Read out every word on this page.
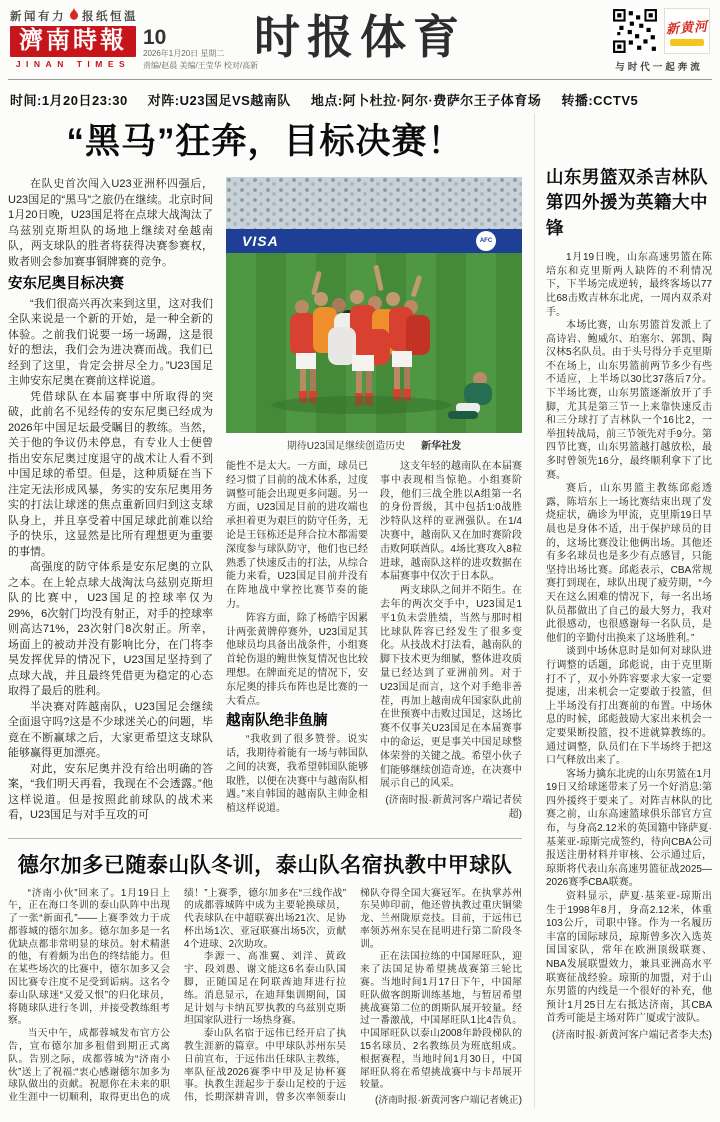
新闻有力 报纸恒温
濟南時報
JINAN TIMES
10
2026年1月20日 星期二
责编/赵晨 美编/王莹华 校对/高新
时报体育	新黄河
与时代一起奔流
时间:1月20日23:30 对阵:U23国足VS越南队 地点:阿卜杜拉·阿尔·费萨尔王子体育场 转播:CCTV5
“黑马”狂奔，目标决赛！

在队史首次闯入U23亚洲杯四强后，U23国足的“黑马”之旅仍在继续。北京时间1月20日晚，U23国足将在点球大战淘汰了乌兹别克斯坦队的场地上继续对垒越南队，两支球队的胜者将获得决赛参赛权，败者则会参加赛事铜牌赛的竞争。

安东尼奥目标决赛

“我们很高兴再次来到这里，这对我们全队来说是一个新的开始，是一种全新的体验。之前我们说要一场一场踢，这是很好的想法，我们会为进决赛而战。我们已经到了这里，肯定会拼尽全力。”U23国足主帅安东尼奥在赛前这样说道。

凭借球队在本届赛事中所取得的突破，此前名不见经传的安东尼奥已经成为2026年中国足坛最受瞩目的教练。当然，关于他的争议仍未停息，有专业人士便曾指出安东尼奥过度退守的战术让人看不到中国足球的希望。但是，这种质疑在当下注定无法形成风暴，务实的安东尼奥用务实的打法让球迷的焦点重新回归到这支球队身上，并且享受着中国足球此前难以给予的快乐，这显然是比所有理想更为重要的事情。

高强度的防守体系是安东尼奥的立队之本。在上轮点球大战淘汰乌兹别克斯坦队的比赛中，U23国足的控球率仅为29%，6次射门均没有射正，对手的控球率则高达71%，23次射门8次射正。所幸，场面上的被动并没有影响比分，在门将李昊发挥优异的情况下，U23国足坚持到了点球大战，并且最终凭借更为稳定的心态取得了最后的胜利。

半决赛对阵越南队，U23国足会继续全面退守吗?这是不少球迷关心的问题，毕竟在不断赢球之后，大家更希望这支球队能够赢得更加漂亮。

对此，安东尼奥并没有给出明确的答案，“我们明天再看，我现在不会透露。”他这样说道。但是按照此前球队的战术来看，U23国足与对手互攻的可

VISA	AFC
期待U23国足继续创造历史 新华社发

能性不是太大。一方面，球员已经习惯了目前的战术体系，过度调整可能会出现更多问题。另一方面，U23国足目前的进攻端也承担着更为艰巨的防守任务，无论是王钰栋还是拜合拉木都需要深度参与球队防守，他们也已经熟悉了快速反击的打法，从综合能力来看，U23国足目前并没有在阵地战中掌控比赛节奏的能力。

阵容方面，除了杨皓宇因累计两张黄牌停赛外，U23国足其他球员均具备出战条件，小组赛首轮伤退的鲍世恢复情况也比较理想。在牌面充足的情况下，安东尼奥的排兵布阵也是比赛的一大看点。

越南队绝非鱼腩

“我收到了很多赞誉。说实话，我期待着能有一场与韩国队之间的决赛，我希望韩国队能够取胜，以便在决赛中与越南队相遇。”来自韩国的越南队主帅金相植这样说道。

这支年轻的越南队在本届赛事中表现相当惊艳。小组赛阶段，他们三战全胜以A组第一名的身份晋级，其中包括1:0战胜沙特队这样的亚洲强队。在1/4决赛中，越南队又在加时赛阶段击败阿联酋队。4场比赛攻入8粒进球，越南队这样的进攻数据在本届赛事中仅次于日本队。

两支球队之间并不陌生。在去年的两次交手中，U23国足1平1负未尝胜绩，当然与那时相比球队阵容已经发生了很多变化。从技战术打法看，越南队的脚下技术更为细腻，整体进攻质量已经达到了亚洲前列。对于U23国足而言，这个对手绝非善茬，再加上越南成年国家队此前在世预赛中击败过国足，这场比赛不仅事关U23国足在本届赛事中的命运，更是事关中国足球整体荣誉的关键之战。希望小伙子们能够继续创造奇迹，在决赛中展示自己的风采。

(济南时报·新黄河客户端记者侯超)

德尔加多已随泰山队冬训，泰山队名宿执教中甲球队

“济南小伙”回来了。1月19日上午，正在海口冬训的泰山队阵中出现了一张“新面孔”——上赛季效力于成都蓉城的德尔加多。德尔加多是一名优缺点都非常明显的球员。射术精湛的他，有着颇为出色的终结能力。但在某些场次的比赛中，德尔加多又会因比赛专注度不足受到诟病。这名令泰山队球迷“又爱又恨”的归化球员，将随球队进行冬训，并接受教练组考察。

当天中午，成都蓉城发布官方公告，宣布德尔加多租借到期正式离队。告别之际，成都蓉城为“济南小伙”送上了祝福:“衷心感谢德尔加多为球队做出的贡献。祝愿你在未来的职业生涯中一切顺利，取得更出色的成绩！”上赛季，德尔加多在“三线作战”的成都蓉城阵中成为主要轮换球员，代表球队在中超联赛出场21次、足协杯出场1次、亚冠联赛出场5次，贡献4个进球、2次助攻。

李源一、高准翼、刘洋、黄政宇、段刘愚、谢文能这6名泰山队国脚，正随国足在阿联酋迪拜进行拉练。消息显示，在迪拜集训期间，国足计划与卡纳瓦罗执教的乌兹别克斯坦国家队进行一场热身赛。

泰山队名宿于远伟已经开启了执教生涯新的篇章。中甲球队苏州东吴日前宣布，于远伟出任球队主教练，率队征战2026赛季中甲及足协杯赛事。执教生涯起步于泰山足校的于远伟，长期深耕青训，曾多次率领泰山梯队夺得全国大赛冠军。在执掌苏州东吴帅印前，他还曾执教过重庆铜梁龙、兰州陇原竞技。目前，于远伟已率领苏州东吴在昆明进行第二阶段冬训。

正在法国拉练的中国犀旺队，迎来了法国足协希望挑战赛第三轮比赛。当地时间1月17日下午，中国犀旺队做客朗斯训练基地，与暂居希望挑战赛第二位的朗斯队展开较量。经过一番激战，中国犀旺队1比4告负。中国犀旺队以泰山2008年龄段梯队的15名球员、2名教练员为班底组成。根据赛程，当地时间1月30日，中国犀旺队将在希望挑战赛中与卡昂展开较量。

(济南时报·新黄河客户端记者姚正)

山东男篮双杀吉林队
第四外援为英籍大中锋

1月19日晚，山东高速男篮在陈培东和克里斯两人缺阵的不利情况下，下半场完成逆转，最终客场以77比68击败吉林东北虎，一周内双杀对手。

本场比赛，山东男篮首发派上了高诗岩、鲍威尔、珀塞尔、郭凯、陶汉林5名队员。由于头号得分手克里斯不在场上，山东男篮前两节多少有些不适应，上半场以30比37落后7分。下半场比赛，山东男篮逐渐放开了手脚，尤其是第三节一上来靠快速反击和三分球打了吉林队一个16比2，一举扭转战局，前三节领先对手9分。第四节比赛，山东男篮越打越放松，最多时曾领先16分，最终顺利拿下了比赛。

赛后，山东男篮主教练邱彪透露，陈培东上一场比赛结束出现了发烧症状，确诊为甲流，克里斯19日早晨也是身体不适，出于保护球员的目的，这场比赛没让他俩出场。其他还有多名球员也是多少有点感冒，只能坚持出场比赛。邱彪表示，CBA常规赛打到现在，球队出现了疲劳期，“今天在这么困难的情况下，每一名出场队员都做出了自己的最大努力，我对此很感动，也很感谢每一名队员，是他们的辛勤付出换来了这场胜利。”

谈到中场休息时是如何对球队进行调整的话题，邱彪说，由于克里斯打不了，双小外阵容要求大家一定要提速，出来机会一定要敢于投篮，但上半场没有打出赛前的布置。中场休息的时候，邱彪鼓励大家出来机会一定要果断投篮，投不进就算教练的。通过调整，队员们在下半场终于把这口气释放出来了。

客场力擒东北虎的山东男篮在1月19日又给球迷带来了另一个好消息:第四外援终于要来了。对阵吉林队的比赛之前，山东高速篮球俱乐部官方宣布，与身高2.12米的英国籍中锋萨夏·基莱亚-琼斯完成签约，待向CBA公司报送注册材料并审核、公示通过后，琼斯将代表山东高速男篮征战2025—2026赛季CBA联赛。

资料显示，萨夏·基莱亚-琼斯出生于1998年8月，身高2.12米，体重103公斤，司职中锋。作为一名履历丰富的国际球员，琼斯曾多次入选英国国家队，常年在欧洲顶级联赛、NBA发展联盟效力，兼具亚洲高水平联赛征战经验。琼斯的加盟，对于山东男篮的内线是一个很好的补充，他预计1月25日左右抵达济南，其CBA首秀可能是主场对阵广厦或宁波队。

(济南时报·新黄河客户端记者李夫杰)
